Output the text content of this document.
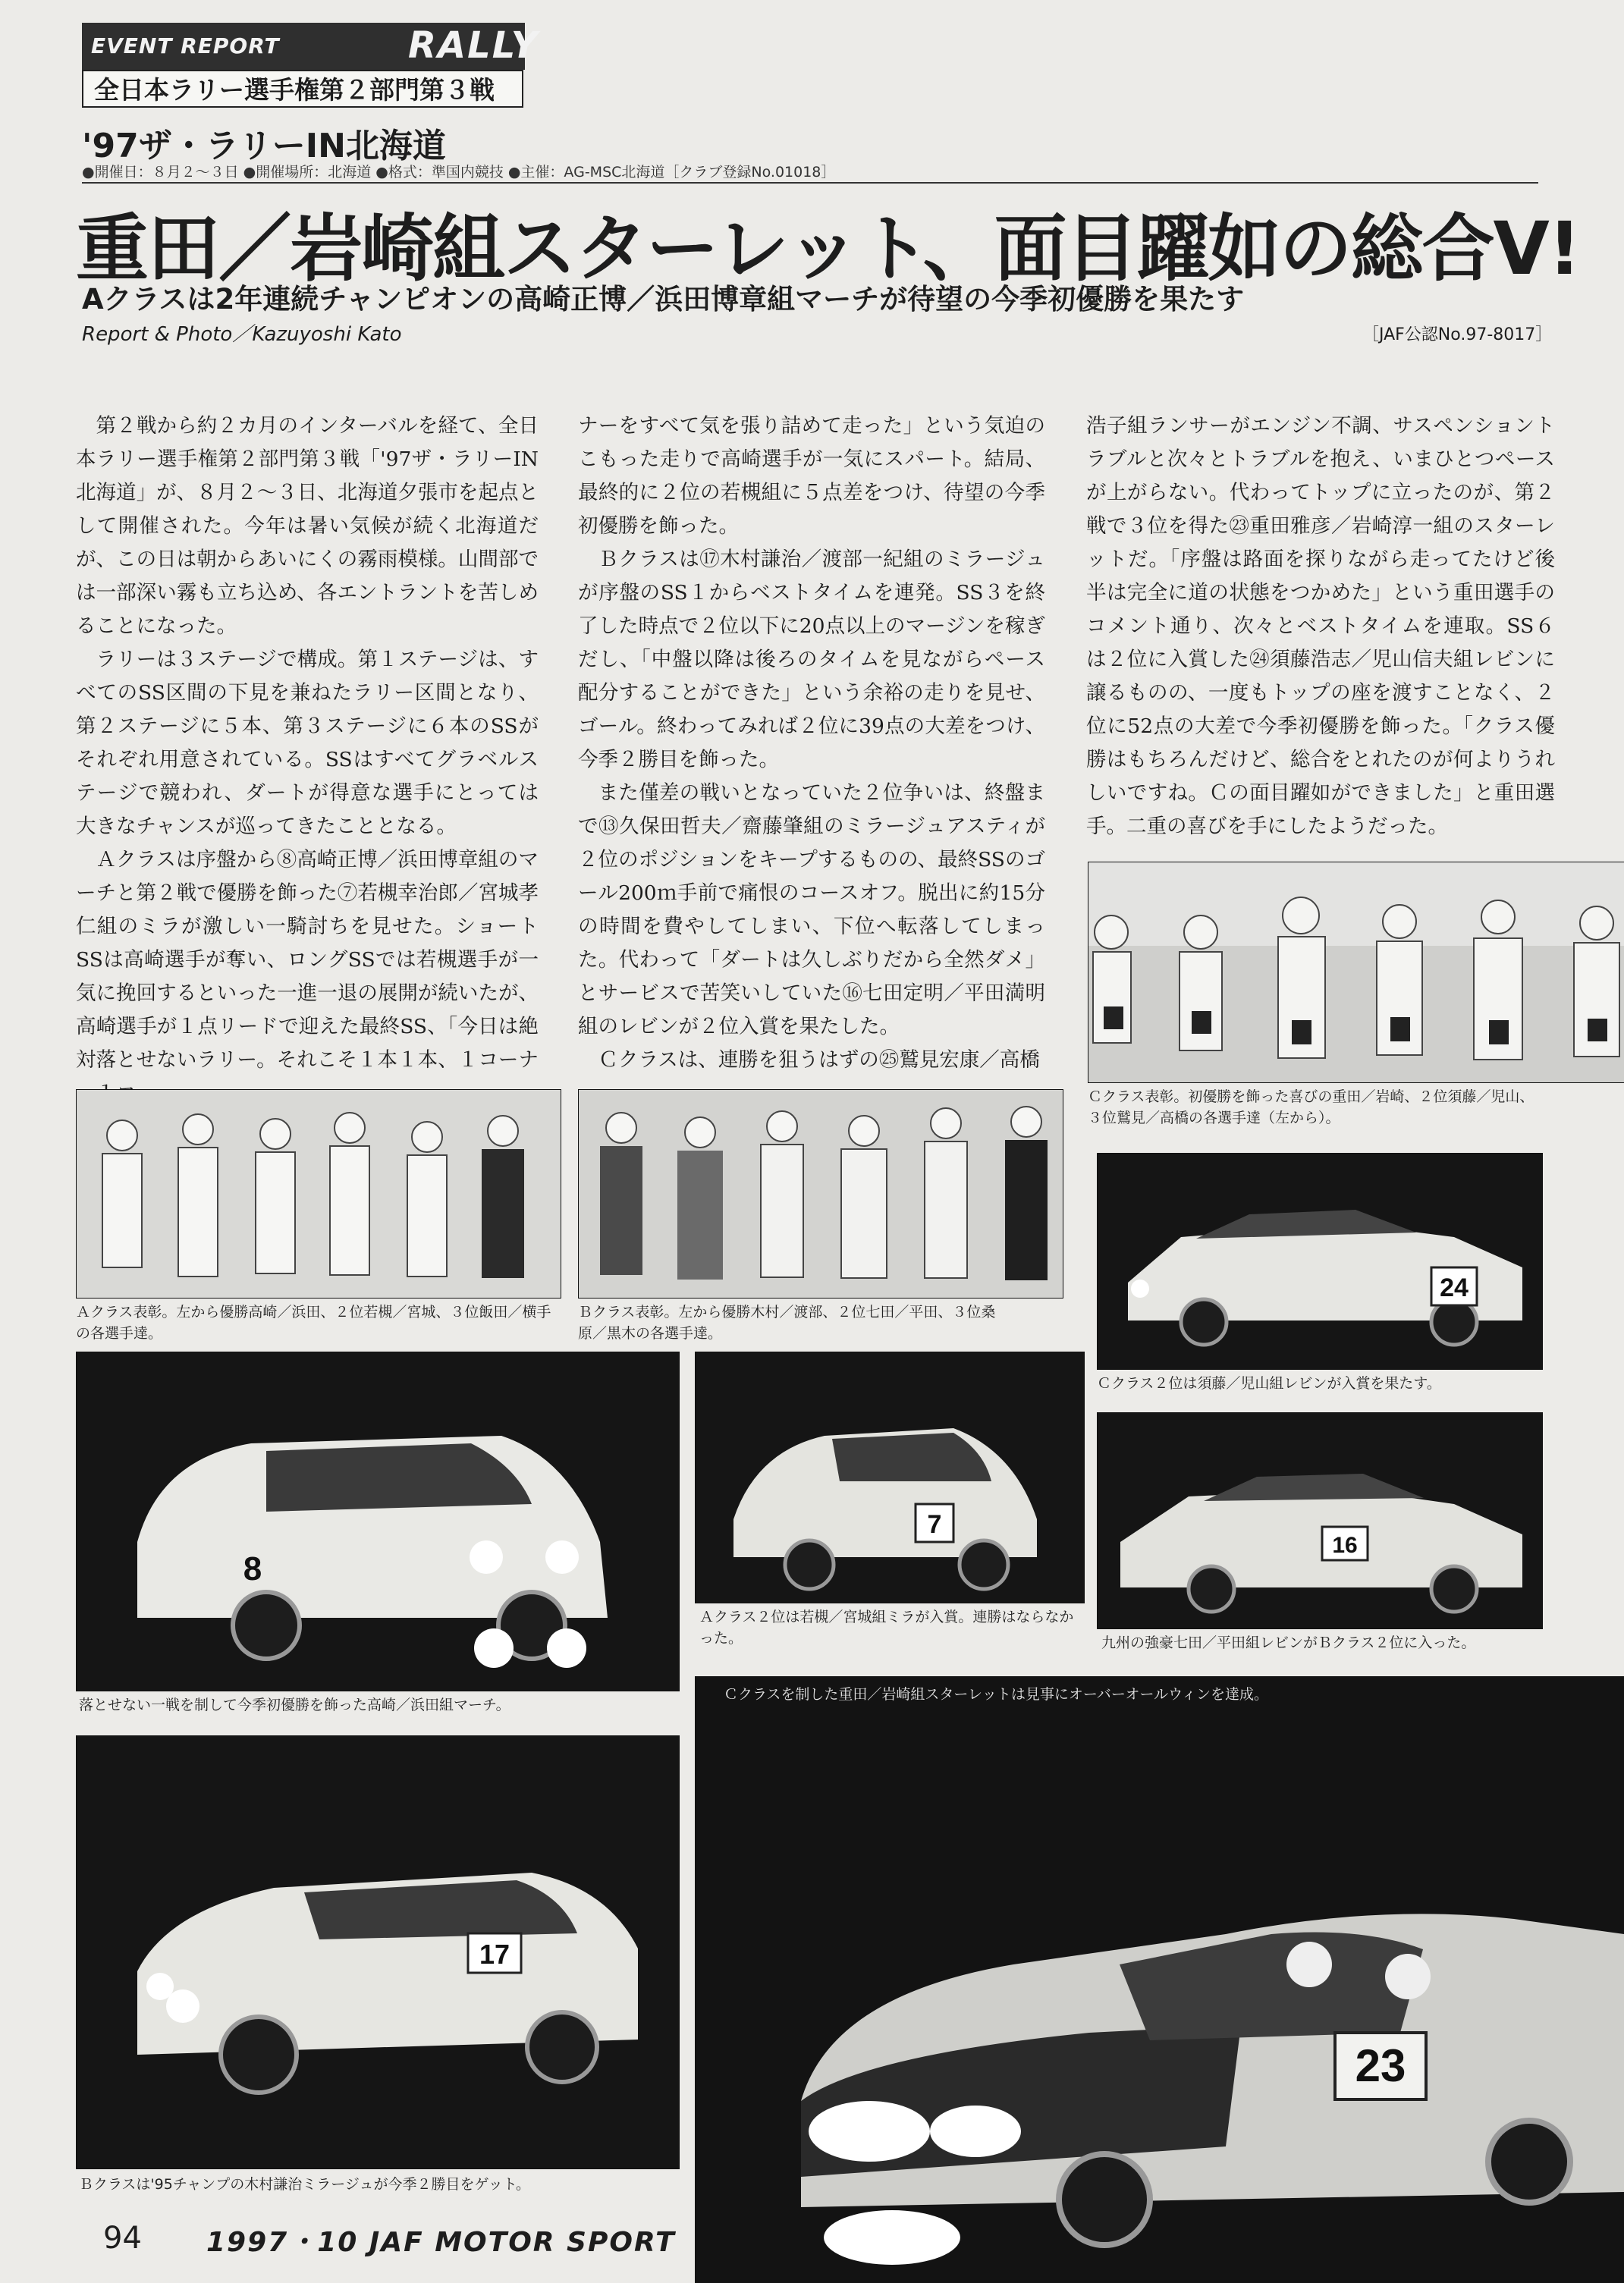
EVENT REPORT	RALLY
全日本ラリー選手権第２部門第３戦
'97ザ・ラリーIN北海道
●開催日：８月２〜３日 ●開催場所：北海道 ●格式：準国内競技 ●主催：AG-MSC北海道［クラブ登録No.01018］
重田／岩崎組スターレット、面目躍如の総合V!
Aクラスは2年連続チャンピオンの高崎正博／浜田博章組マーチが待望の今季初優勝を果たす
Report & Photo／Kazuyoshi Kato	［JAF公認No.97-8017］

第２戦から約２カ月のインターバルを経て、全日本ラリー選手権第２部門第３戦「'97ザ・ラリーIN北海道」が、８月２〜３日、北海道夕張市を起点として開催された。今年は暑い気候が続く北海道だが、この日は朝からあいにくの霧雨模様。山間部では一部深い霧も立ち込め、各エントラントを苦しめることになった。

ラリーは３ステージで構成。第１ステージは、すべてのSS区間の下見を兼ねたラリー区間となり、第２ステージに５本、第３ステージに６本のSSがそれぞれ用意されている。SSはすべてグラベルステージで競われ、ダートが得意な選手にとっては大きなチャンスが巡ってきたこととなる。

Ａクラスは序盤から⑧高崎正博／浜田博章組のマーチと第２戦で優勝を飾った⑦若槻幸治郎／宮城孝仁組のミラが激しい一騎討ちを見せた。ショートSSは高崎選手が奪い、ロングSSでは若槻選手が一気に挽回するといった一進一退の展開が続いたが、高崎選手が１点リードで迎えた最終SS、「今日は絶対落とせないラリー。それこそ１本１本、１コーナ

ナーをすべて気を張り詰めて走った」という気迫のこもった走りで高崎選手が一気にスパート。結局、最終的に２位の若槻組に５点差をつけ、待望の今季初優勝を飾った。

Ｂクラスは⑰木村謙治／渡部一紀組のミラージュが序盤のSS１からベストタイムを連発。SS３を終了した時点で２位以下に20点以上のマージンを稼ぎだし、「中盤以降は後ろのタイムを見ながらペース配分することができた」という余裕の走りを見せ、ゴール。終わってみれば２位に39点の大差をつけ、今季２勝目を飾った。

また僅差の戦いとなっていた２位争いは、終盤まで⑬久保田哲夫／齋藤肇組のミラージュアスティが２位のポジションをキープするものの、最終SSのゴール200ｍ手前で痛恨のコースオフ。脱出に約15分の時間を費やしてしまい、下位へ転落してしまった。代わって「ダートは久しぶりだから全然ダメ」とサービスで苦笑いしていた⑯七田定明／平田満明組のレビンが２位入賞を果たした。

Ｃクラスは、連勝を狙うはずの㉕鷲見宏康／高橋

浩子組ランサーがエンジン不調、サスペンショントラブルと次々とトラブルを抱え、いまひとつペースが上がらない。代わってトップに立ったのが、第２戦で３位を得た㉓重田雅彦／岩崎淳一組のスターレットだ。「序盤は路面を探りながら走ってたけど後半は完全に道の状態をつかめた」という重田選手のコメント通り、次々とベストタイムを連取。SS６は２位に入賞した㉔須藤浩志／児山信夫組レビンに譲るものの、一度もトップの座を渡すことなく、２位に52点の大差で今季初優勝を飾った。「クラス優勝はもちろんだけど、総合をとれたのが何よりうれしいですね。Ｃの面目躍如ができました」と重田選手。二重の喜びを手にしたようだった。

Ｃクラス表彰。初優勝を飾った喜びの重田／岩崎、２位須藤／児山、３位鷲見／高橋の各選手達（左から）。
Ａクラス表彰。左から優勝高崎／浜田、２位若槻／宮城、３位飯田／横手の各選手達。
Ｂクラス表彰。左から優勝木村／渡部、２位七田／平田、３位桑原／黒木の各選手達。
24
Ｃクラス２位は須藤／児山組レビンが入賞を果たす。
8
落とせない一戦を制して今季初優勝を飾った高崎／浜田組マーチ。
7
Ａクラス２位は若槻／宮城組ミラが入賞。連勝はならなかった。
16
九州の強豪七田／平田組レビンがＢクラス２位に入った。
23
Ｃクラスを制した重田／岩崎組スターレットは見事にオーバーオールウィンを達成。
17
Ｂクラスは'95チャンプの木村謙治ミラージュが今季２勝目をゲット。
94 1997・10 JAF MOTOR SPORT
